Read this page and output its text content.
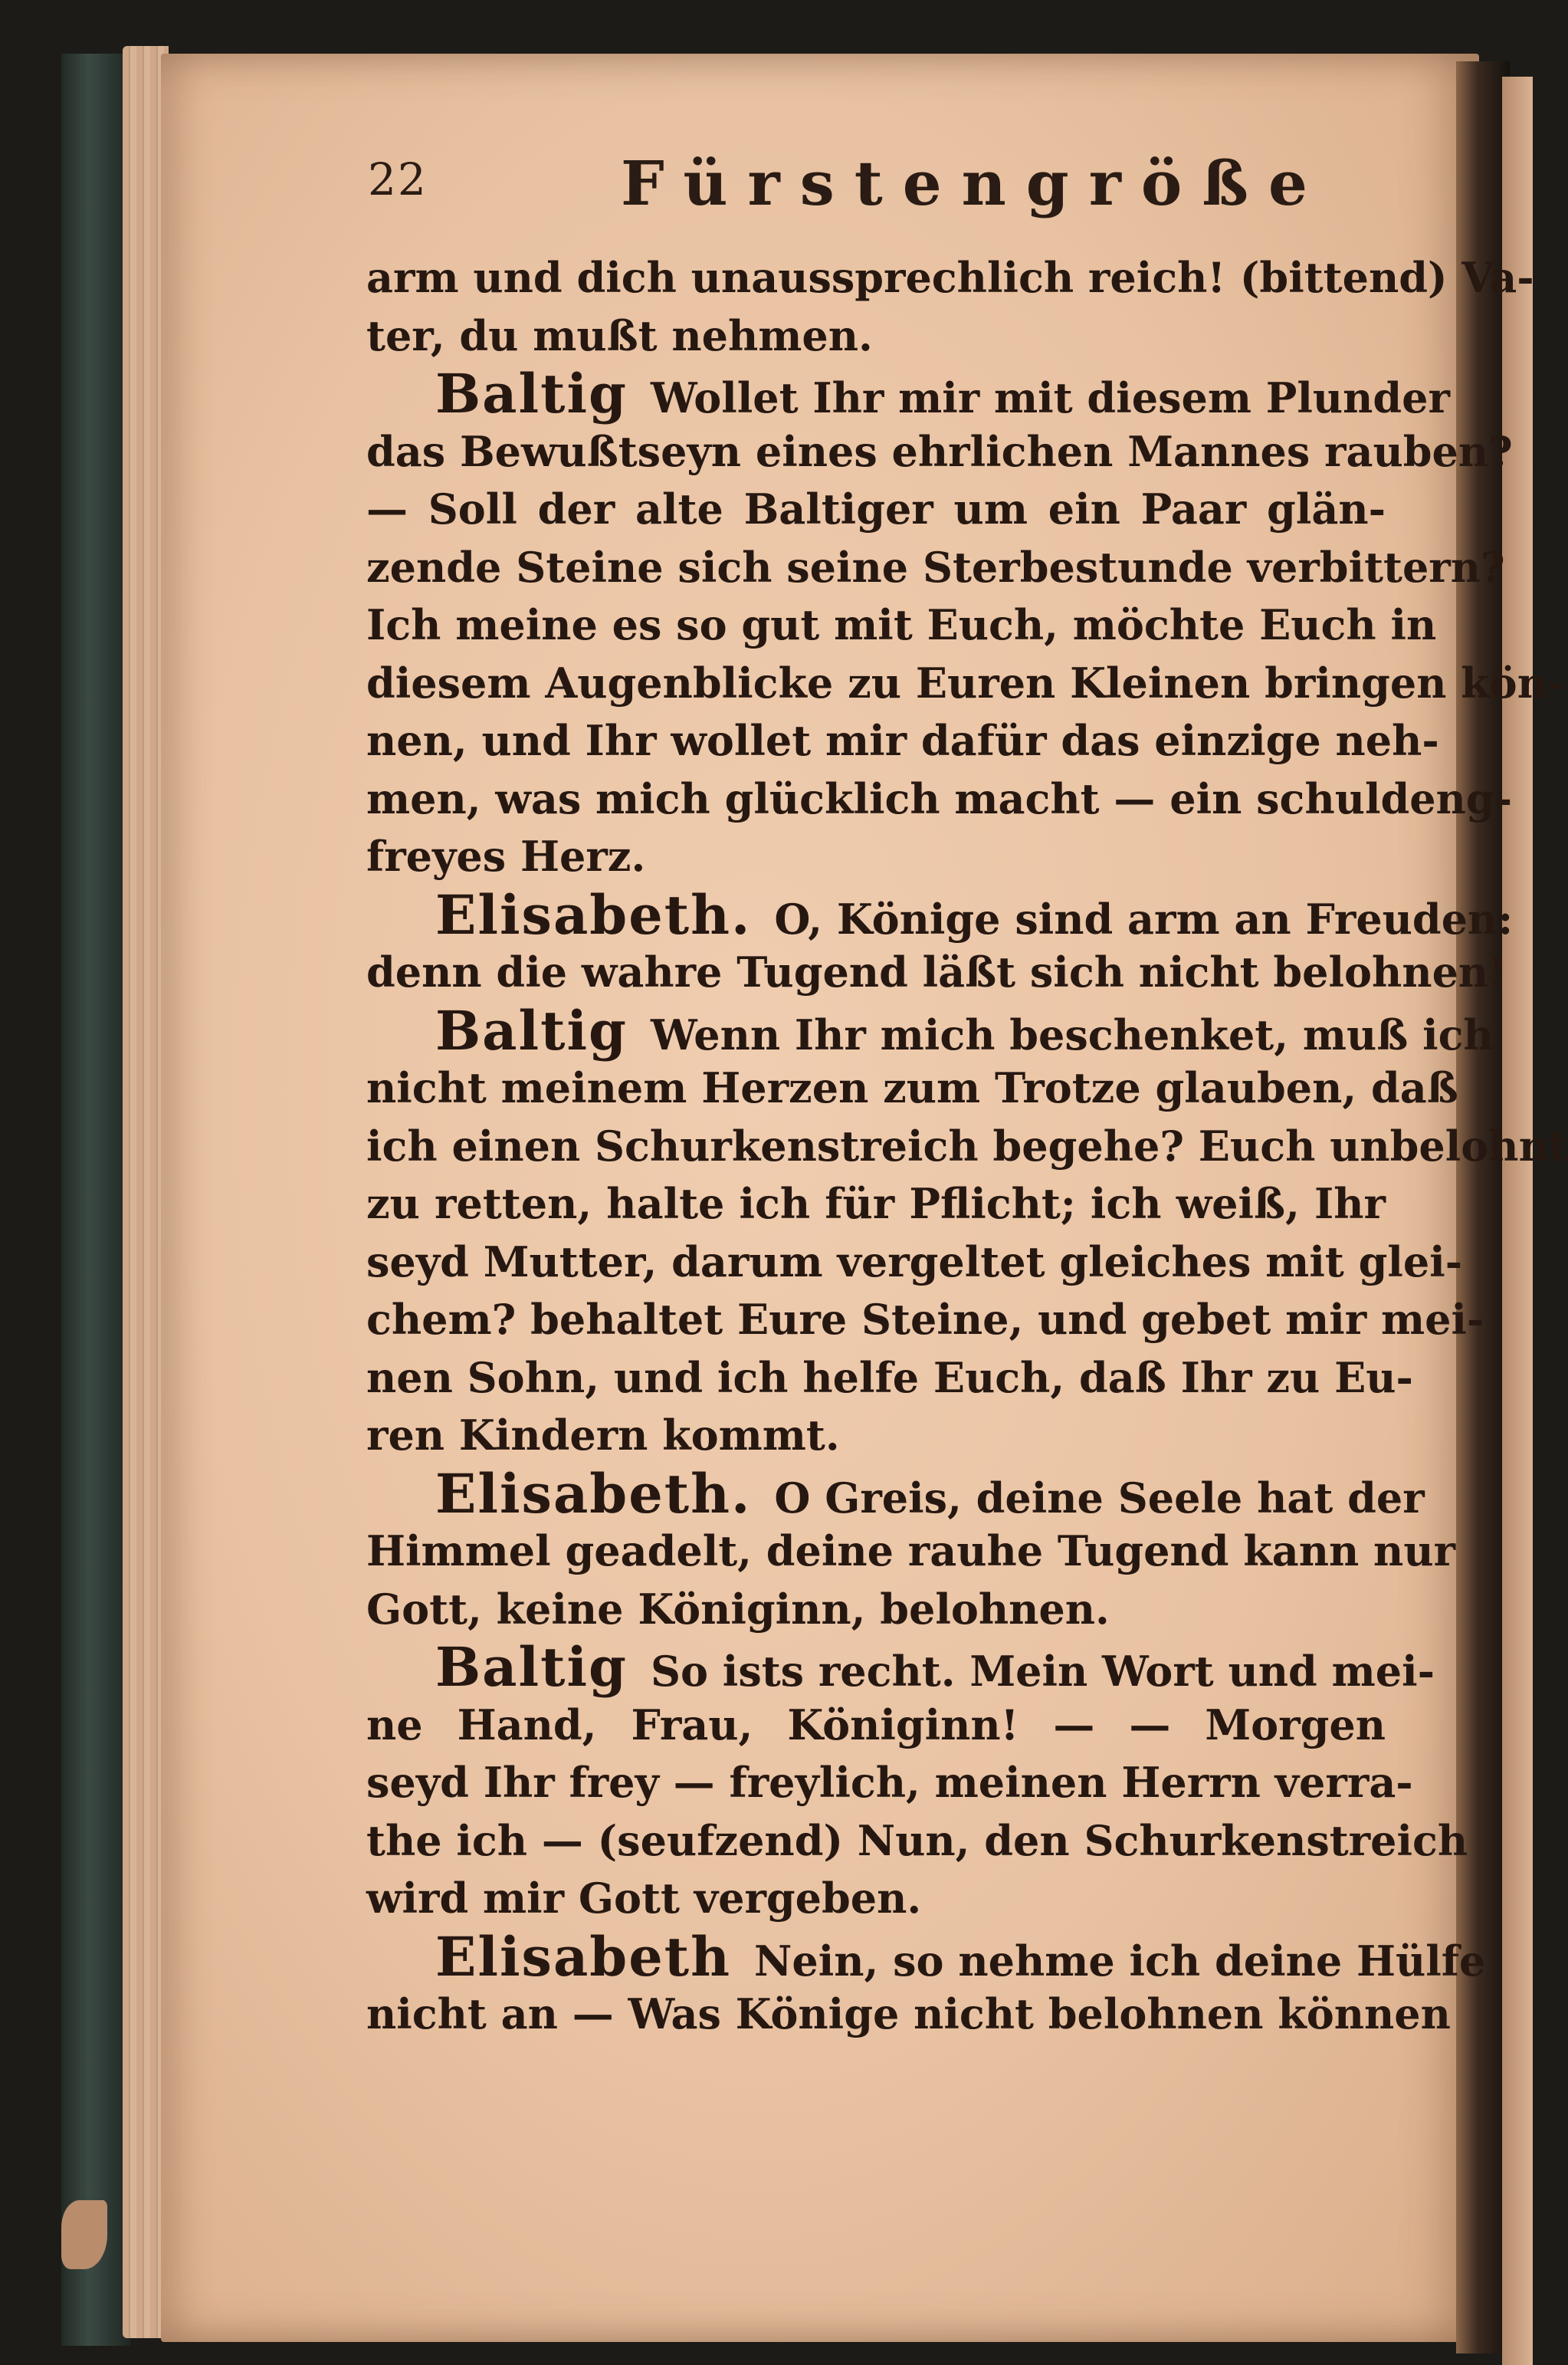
22	Fürstengröße
arm und dich unaussprechlich reich! (bittend) Va-
ter, du mußt nehmen.
Baltig Wollet Ihr mir mit diesem Plunder
das Bewußtseyn eines ehrlichen Mannes rauben?
— Soll der alte Baltiger um ein Paar glän-
zende Steine sich seine Sterbestunde verbittern?
Ich meine es so gut mit Euch, möchte Euch in
diesem Augenblicke zu Euren Kleinen bringen kön-
nen, und Ihr wollet mir dafür das einzige neh-
men, was mich glücklich macht — ein schuldeng-
freyes Herz.
Elisabeth. O, Könige sind arm an Freuden:
denn die wahre Tugend läßt sich nicht belohnen!
Baltig Wenn Ihr mich beschenket, muß ich
nicht meinem Herzen zum Trotze glauben, daß
ich einen Schurkenstreich begehe? Euch unbelohnt
zu retten, halte ich für Pflicht; ich weiß, Ihr
seyd Mutter, darum vergeltet gleiches mit glei-
chem? behaltet Eure Steine, und gebet mir mei-
nen Sohn, und ich helfe Euch, daß Ihr zu Eu-
ren Kindern kommt.
Elisabeth. O Greis, deine Seele hat der
Himmel geadelt, deine rauhe Tugend kann nur
Gott, keine Königinn, belohnen.
Baltig So ists recht. Mein Wort und mei-
ne Hand, Frau, Königinn! — — Morgen
seyd Ihr frey — freylich, meinen Herrn verra-
the ich — (seufzend) Nun, den Schurkenstreich
wird mir Gott vergeben.
Elisabeth Nein, so nehme ich deine Hülfe
nicht an — Was Könige nicht belohnen können
